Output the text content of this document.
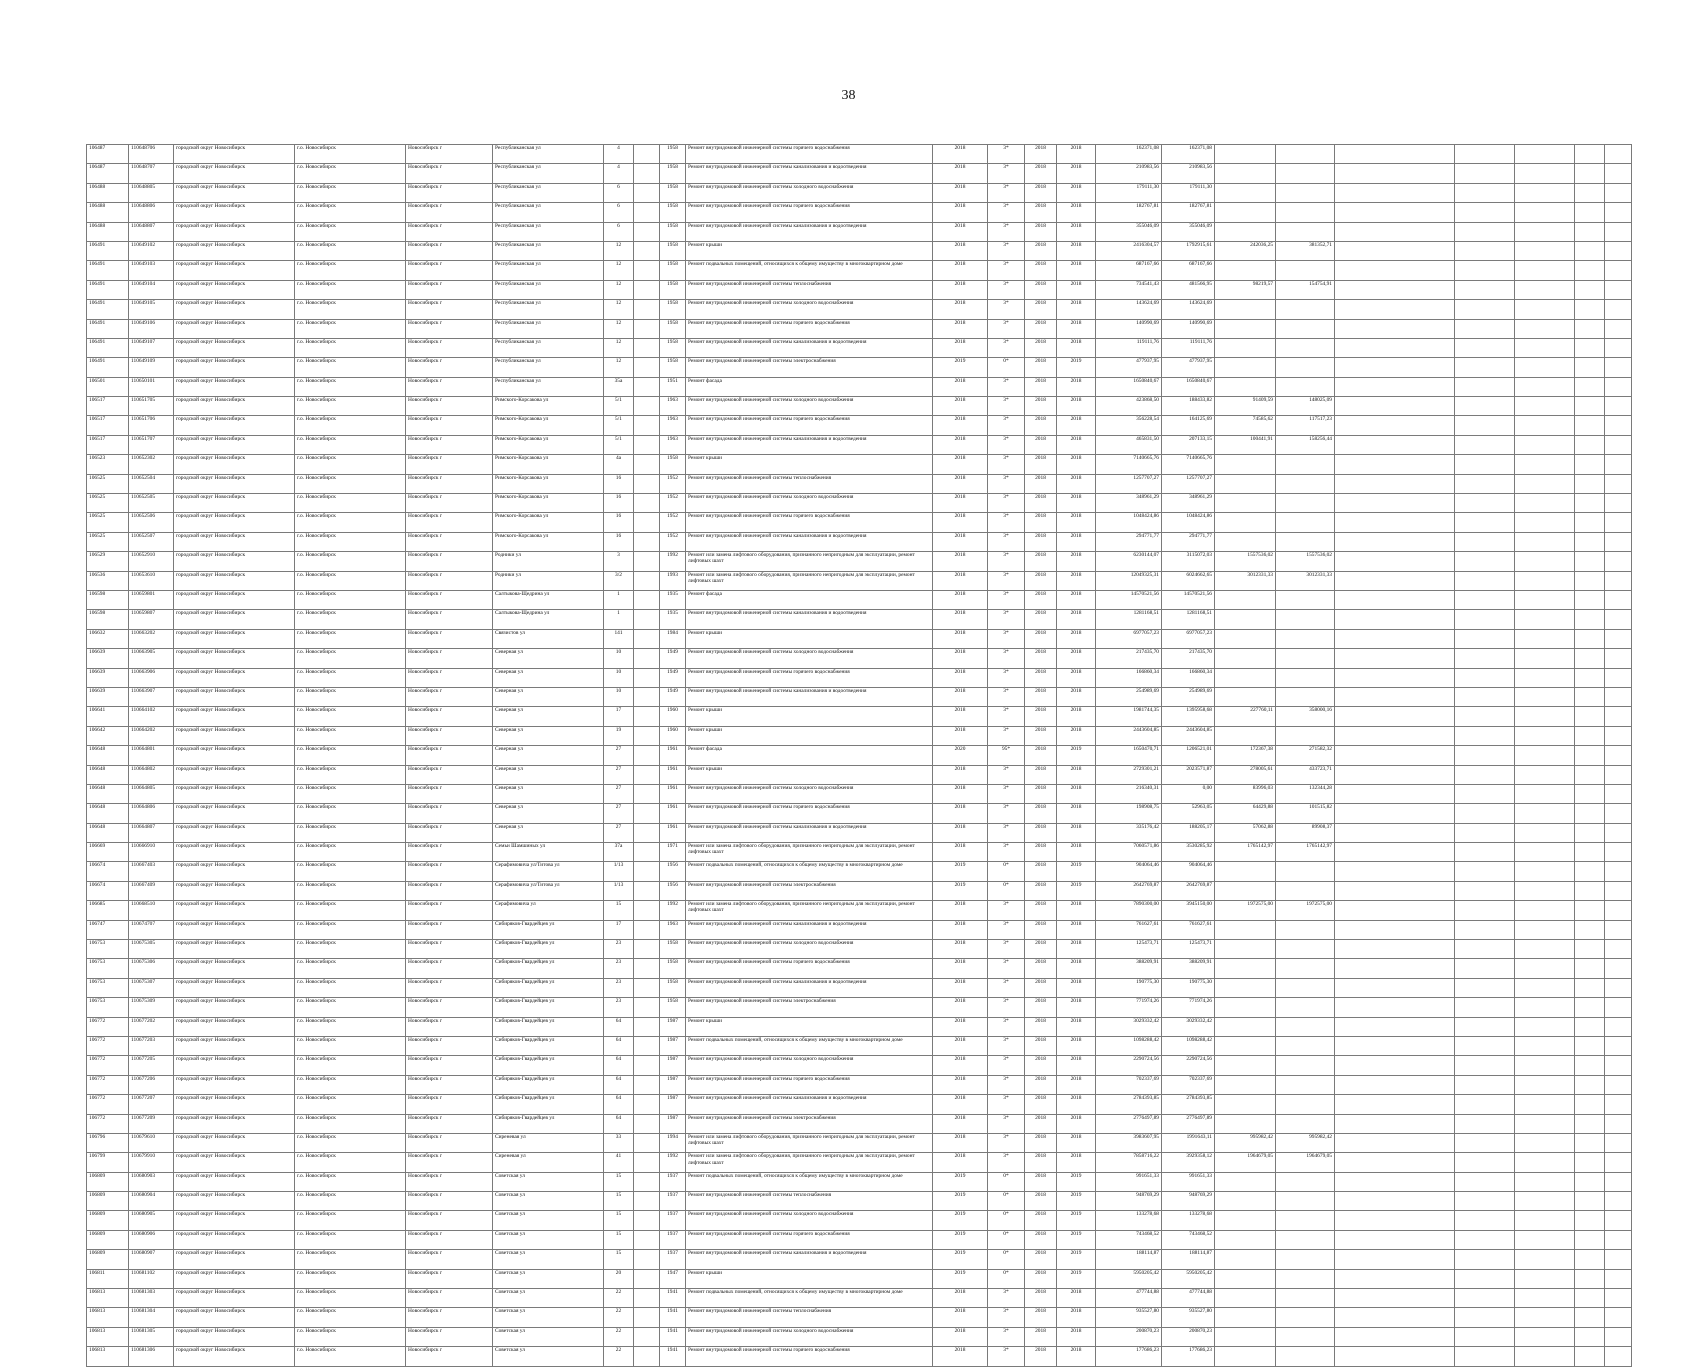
38
106487	110648706	городской округ Новосибирск	г.о. Новосибирск	Новосибирск г	Республиканская ул	4		1958	Ремонт внутридомовой инженерной системы горячего водоснабжения	2018	3*	2018	2018	162371,08	162371,08							
106487	110648707	городской округ Новосибирск	г.о. Новосибирск	Новосибирск г	Республиканская ул	4		1958	Ремонт внутридомовой инженерной системы канализования и водоотведения	2018	3*	2018	2018	210983,56	210983,56							
106488	110648805	городской округ Новосибирск	г.о. Новосибирск	Новосибирск г	Республиканская ул	6		1958	Ремонт внутридомовой инженерной системы холодного водоснабжения	2018	3*	2018	2018	179111,30	179111,30							
106488	110648806	городской округ Новосибирск	г.о. Новосибирск	Новосибирск г	Республиканская ул	6		1958	Ремонт внутридомовой инженерной системы горячего водоснабжения	2018	3*	2018	2018	182767,81	182767,81							
106488	110648807	городской округ Новосибирск	г.о. Новосибирск	Новосибирск г	Республиканская ул	6		1958	Ремонт внутридомовой инженерной системы канализования и водоотведения	2018	3*	2018	2018	355046,09	355046,09							
106491	110649102	городской округ Новосибирск	г.о. Новосибирск	Новосибирск г	Республиканская ул	12		1958	Ремонт крыши	2018	3*	2018	2018	2416304,57	1792915,61	242036,25	381352,71					
106491	110649103	городской округ Новосибирск	г.о. Новосибирск	Новосибирск г	Республиканская ул	12		1958	Ремонт подвальных помещений, относящихся к общему имуществу в многоквартирном доме	2018	3*	2018	2018	687167,66	687167,66							
106491	110649104	городской округ Новосибирск	г.о. Новосибирск	Новосибирск г	Республиканская ул	12		1958	Ремонт внутридомовой инженерной системы теплоснабжения	2018	3*	2018	2018	734541,43	481566,95	98219,57	154754,91					
106491	110649105	городской округ Новосибирск	г.о. Новосибирск	Новосибирск г	Республиканская ул	12		1958	Ремонт внутридомовой инженерной системы холодного водоснабжения	2018	3*	2018	2018	143624,69	143624,69							
106491	110649106	городской округ Новосибирск	г.о. Новосибирск	Новосибирск г	Республиканская ул	12		1958	Ремонт внутридомовой инженерной системы горячего водоснабжения	2018	3*	2018	2018	140990,69	140990,69							
106491	110649107	городской округ Новосибирск	г.о. Новосибирск	Новосибирск г	Республиканская ул	12		1958	Ремонт внутридомовой инженерной системы канализования и водоотведения	2018	3*	2018	2018	119111,76	119111,76							
106491	110649109	городской округ Новосибирск	г.о. Новосибирск	Новосибирск г	Республиканская ул	12		1958	Ремонт внутридомовой инженерной системы электроснабжения	2019	0*	2018	2019	477937,95	477937,95							
106501	110650101	городской округ Новосибирск	г.о. Новосибирск	Новосибирск г	Республиканская ул	35а		1951	Ремонт фасада	2018	3*	2018	2018	1650840,67	1650840,67							
106517	110651705	городской округ Новосибирск	г.о. Новосибирск	Новосибирск г	Римского-Корсакова ул	5/1		1963	Ремонт внутридомовой инженерной системы холодного водоснабжения	2018	3*	2018	2018	423868,50	188433,82	91409,59	148025,09					
106517	110651706	городской округ Новосибирск	г.о. Новосибирск	Новосибирск г	Римского-Корсакова ул	5/1		1963	Ремонт внутридомовой инженерной системы горячего водоснабжения	2018	3*	2018	2018	356228,54	164125,69	74585,62	117517,23					
106517	110651707	городской округ Новосибирск	г.о. Новосибирск	Новосибирск г	Римского-Корсакова ул	5/1		1963	Ремонт внутридомовой инженерной системы канализования и водоотведения	2018	3*	2018	2018	465831,50	207133,15	100441,91	158256,44					
106523	110652302	городской округ Новосибирск	г.о. Новосибирск	Новосибирск г	Римского-Корсакова ул	4а		1958	Ремонт крыши	2018	3*	2018	2018	7140665,76	7140665,76							
106525	110652504	городской округ Новосибирск	г.о. Новосибирск	Новосибирск г	Римского-Корсакова ул	16		1952	Ремонт внутридомовой инженерной системы теплоснабжения	2018	3*	2018	2018	1257707,27	1257707,27							
106525	110652505	городской округ Новосибирск	г.о. Новосибирск	Новосибирск г	Римского-Корсакова ул	16		1952	Ремонт внутридомовой инженерной системы холодного водоснабжения	2018	3*	2018	2018	348961,29	348961,29							
106525	110652506	городской округ Новосибирск	г.о. Новосибирск	Новосибирск г	Римского-Корсакова ул	16		1952	Ремонт внутридомовой инженерной системы горячего водоснабжения	2018	3*	2018	2018	1048424,86	1048424,86							
106525	110652507	городской округ Новосибирск	г.о. Новосибирск	Новосибирск г	Римского-Корсакова ул	16		1952	Ремонт внутридомовой инженерной системы канализования и водоотведения	2018	3*	2018	2018	294771,77	294771,77							
106529	110652910	городской округ Новосибирск	г.о. Новосибирск	Новосибирск г	Родники ул	3		1992	Ремонт или замена лифтового оборудования, признанного непригодным для эксплуатации, ремонт лифтовых шахт	2018	3*	2018	2018	6230144,07	3115072,03	1557536,02	1557536,02					
106536	110653610	городской округ Новосибирск	г.о. Новосибирск	Новосибирск г	Родники ул	3/2		1993	Ремонт или замена лифтового оборудования, признанного непригодным для эксплуатации, ремонт лифтовых шахт	2018	3*	2018	2018	12049325,31	6024662,65	3012331,33	3012331,33					
106598	110659801	городской округ Новосибирск	г.о. Новосибирск	Новосибирск г	Салтыкова-Щедрина ул	1		1935	Ремонт фасада	2018	3*	2018	2018	14570521,56	14570521,56							
106598	110659807	городской округ Новосибирск	г.о. Новосибирск	Новосибирск г	Салтыкова-Щедрина ул	1		1935	Ремонт внутридомовой инженерной системы канализования и водоотведения	2018	3*	2018	2018	1281168,51	1281168,51							
106632	110663202	городской округ Новосибирск	г.о. Новосибирск	Новосибирск г	Связистов ул	141		1984	Ремонт крыши	2018	3*	2018	2018	6977057,23	6977057,23							
106639	110663905	городской округ Новосибирск	г.о. Новосибирск	Новосибирск г	Северная ул	10		1949	Ремонт внутридомовой инженерной системы холодного водоснабжения	2018	3*	2018	2018	217435,70	217435,70							
106639	110663906	городской округ Новосибирск	г.о. Новосибирск	Новосибирск г	Северная ул	10		1949	Ремонт внутридомовой инженерной системы горячего водоснабжения	2018	3*	2018	2018	166860,34	166860,34							
106639	110663907	городской округ Новосибирск	г.о. Новосибирск	Новосибирск г	Северная ул	10		1949	Ремонт внутридомовой инженерной системы канализования и водоотведения	2018	3*	2018	2018	254989,69	254989,69							
106641	110664102	городской округ Новосибирск	г.о. Новосибирск	Новосибирск г	Северная ул	17		1960	Ремонт крыши	2018	3*	2018	2018	1981744,35	1395958,68	227760,11	358000,16					
106642	110664202	городской округ Новосибирск	г.о. Новосибирск	Новосибирск г	Северная ул	19		1960	Ремонт крыши	2018	3*	2018	2018	2443604,85	2443604,85							
106648	110664801	городской округ Новосибирск	г.о. Новосибирск	Новосибирск г	Северная ул	27		1961	Ремонт фасада	2020	95*	2018	2019	1650470,71	1206521,01	172367,38	271582,32					
106648	110664802	городской округ Новосибирск	г.о. Новосибирск	Новосибирск г	Северная ул	27		1961	Ремонт крыши	2018	3*	2018	2018	2729301,21	2023571,87	278005,61	433723,71					
106648	110664805	городской округ Новосибирск	г.о. Новосибирск	Новосибирск г	Северная ул	27		1961	Ремонт внутридомовой инженерной системы холодного водоснабжения	2018	3*	2018	2018	216340,31	0,00	83996,03	132344,28					
106648	110664806	городской округ Новосибирск	г.о. Новосибирск	Новосибирск г	Северная ул	27		1961	Ремонт внутридомовой инженерной системы горячего водоснабжения	2018	3*	2018	2018	198908,75	52963,05	64429,88	101515,82					
106648	110664807	городской округ Новосибирск	г.о. Новосибирск	Новосибирск г	Северная ул	27		1961	Ремонт внутридомовой инженерной системы канализования и водоотведения	2018	3*	2018	2018	335176,42	188205,17	57062,88	89908,37					
106669	110666910	городской округ Новосибирск	г.о. Новосибирск	Новосибирск г	Семьи Шамшиных ул	37а		1971	Ремонт или замена лифтового оборудования, признанного непригодным для эксплуатации, ремонт лифтовых шахт	2018	3*	2018	2018	7060571,86	3530285,92	1765142,97	1765142,97					
106674	110667403	городской округ Новосибирск	г.о. Новосибирск	Новосибирск г	Серафимовича ул/Титова ул	1/13		1956	Ремонт подвальных помещений, относящихся к общему имуществу в многоквартирном доме	2019	0*	2018	2019	904064,46	904064,46							
106674	110667409	городской округ Новосибирск	г.о. Новосибирск	Новосибирск г	Серафимовича ул/Титова ул	1/13		1956	Ремонт внутридомовой инженерной системы электроснабжения	2019	0*	2018	2019	2642769,87	2642769,87							
106685	110668510	городской округ Новосибирск	г.о. Новосибирск	Новосибирск г	Серафимовича ул	15		1992	Ремонт или замена лифтового оборудования, признанного непригодным для эксплуатации, ремонт лифтовых шахт	2018	3*	2018	2018	7890300,00	3945150,00	1972575,00	1972575,00					
106747	110674707	городской округ Новосибирск	г.о. Новосибирск	Новосибирск г	Сибиряков-Гвардейцев ул	17		1963	Ремонт внутридомовой инженерной системы канализования и водоотведения	2018	3*	2018	2018	761627,61	761627,61							
106753	110675305	городской округ Новосибирск	г.о. Новосибирск	Новосибирск г	Сибиряков-Гвардейцев ул	23		1958	Ремонт внутридомовой инженерной системы холодного водоснабжения	2018	3*	2018	2018	125473,71	125473,71							
106753	110675306	городской округ Новосибирск	г.о. Новосибирск	Новосибирск г	Сибиряков-Гвардейцев ул	23		1958	Ремонт внутридомовой инженерной системы горячего водоснабжения	2018	3*	2018	2018	388209,91	388209,91							
106753	110675307	городской округ Новосибирск	г.о. Новосибирск	Новосибирск г	Сибиряков-Гвардейцев ул	23		1958	Ремонт внутридомовой инженерной системы канализования и водоотведения	2018	3*	2018	2018	190775,30	190775,30							
106753	110675309	городской округ Новосибирск	г.о. Новосибирск	Новосибирск г	Сибиряков-Гвардейцев ул	23		1958	Ремонт внутридомовой инженерной системы электроснабжения	2018	3*	2018	2018	771974,26	771974,26							
106772	110677202	городской округ Новосибирск	г.о. Новосибирск	Новосибирск г	Сибиряков-Гвардейцев ул	64		1987	Ремонт крыши	2018	3*	2018	2018	3029332,42	3029332,42							
106772	110677203	городской округ Новосибирск	г.о. Новосибирск	Новосибирск г	Сибиряков-Гвардейцев ул	64		1987	Ремонт подвальных помещений, относящихся к общему имуществу в многоквартирном доме	2018	3*	2018	2018	1098288,42	1098288,42							
106772	110677205	городской округ Новосибирск	г.о. Новосибирск	Новосибирск г	Сибиряков-Гвардейцев ул	64		1987	Ремонт внутридомовой инженерной системы холодного водоснабжения	2018	3*	2018	2018	2290724,56	2290724,56							
106772	110677206	городской округ Новосибирск	г.о. Новосибирск	Новосибирск г	Сибиряков-Гвардейцев ул	64		1987	Ремонт внутридомовой инженерной системы горячего водоснабжения	2018	3*	2018	2018	702337,69	702337,69							
106772	110677207	городской округ Новосибирск	г.о. Новосибирск	Новосибирск г	Сибиряков-Гвардейцев ул	64		1987	Ремонт внутридомовой инженерной системы канализования и водоотведения	2018	3*	2018	2018	2784393,85	2784393,85							
106772	110677209	городской округ Новосибирск	г.о. Новосибирск	Новосибирск г	Сибиряков-Гвардейцев ул	64		1987	Ремонт внутридомовой инженерной системы электроснабжения	2018	3*	2018	2018	2776497,89	2776497,89							
106796	110679610	городской округ Новосибирск	г.о. Новосибирск	Новосибирск г	Сиреневая ул	33		1994	Ремонт или замена лифтового оборудования, признанного непригодным для эксплуатации, ремонт лифтовых шахт	2018	3*	2018	2018	3983607,95	1991643,11	995982,42	995982,42					
106799	110679910	городской округ Новосибирск	г.о. Новосибирск	Новосибирск г	Сиреневая ул	41		1992	Ремонт или замена лифтового оборудования, признанного непригодным для эксплуатации, ремонт лифтовых шахт	2018	3*	2018	2018	7858716,22	3929358,12	1964679,05	1964679,05					
106809	110680903	городской округ Новосибирск	г.о. Новосибирск	Новосибирск г	Советская ул	15		1937	Ремонт подвальных помещений, относящихся к общему имуществу в многоквартирном доме	2019	0*	2018	2019	991651,33	991651,33							
106809	110680904	городской округ Новосибирск	г.о. Новосибирск	Новосибирск г	Советская ул	15		1937	Ремонт внутридомовой инженерной системы теплоснабжения	2019	0*	2018	2019	948769,29	948769,29							
106809	110680905	городской округ Новосибирск	г.о. Новосибирск	Новосибирск г	Советская ул	15		1937	Ремонт внутридомовой инженерной системы холодного водоснабжения	2019	0*	2018	2019	133278,68	133278,68							
106809	110680906	городской округ Новосибирск	г.о. Новосибирск	Новосибирск г	Советская ул	15		1937	Ремонт внутридомовой инженерной системы горячего водоснабжения	2019	0*	2018	2019	743468,52	743468,52							
106809	110680907	городской округ Новосибирск	г.о. Новосибирск	Новосибирск г	Советская ул	15		1937	Ремонт внутридомовой инженерной системы канализования и водоотведения	2019	0*	2018	2019	188114,87	188114,87							
106811	110681102	городской округ Новосибирск	г.о. Новосибирск	Новосибирск г	Советская ул	20		1947	Ремонт крыши	2019	0*	2018	2019	5950205,42	5950205,42							
106813	110681303	городской округ Новосибирск	г.о. Новосибирск	Новосибирск г	Советская ул	22		1941	Ремонт подвальных помещений, относящихся к общему имуществу в многоквартирном доме	2018	3*	2018	2018	477744,88	477744,88							
106813	110681304	городской округ Новосибирск	г.о. Новосибирск	Новосибирск г	Советская ул	22		1941	Ремонт внутридомовой инженерной системы теплоснабжения	2018	3*	2018	2018	935527,80	935527,80							
106813	110681305	городской округ Новосибирск	г.о. Новосибирск	Новосибирск г	Советская ул	22		1941	Ремонт внутридомовой инженерной системы холодного водоснабжения	2018	3*	2018	2018	200870,23	200870,23							
106813	110681306	городской округ Новосибирск	г.о. Новосибирск	Новосибирск г	Советская ул	22		1941	Ремонт внутридомовой инженерной системы горячего водоснабжения	2018	3*	2018	2018	177686,23	177686,23							
